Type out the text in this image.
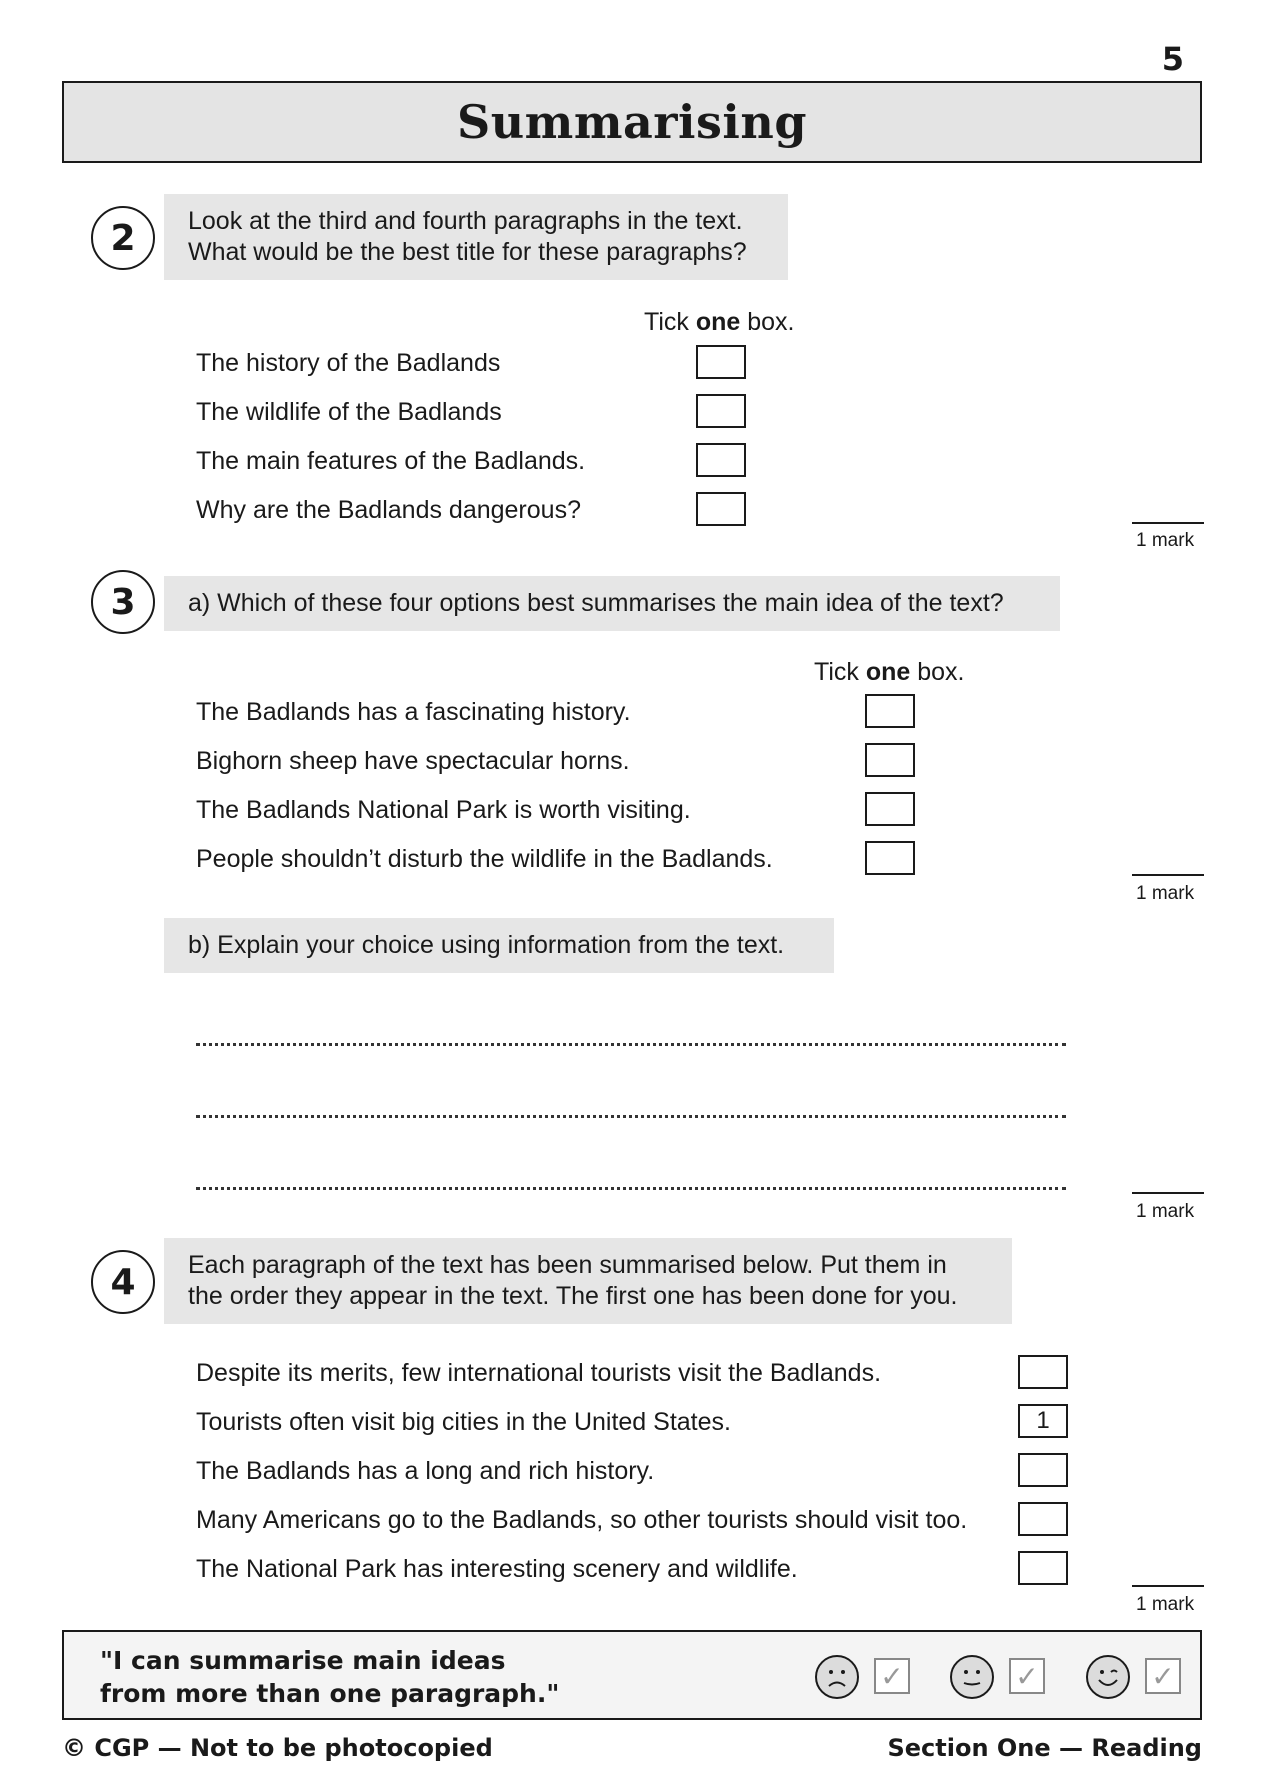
5
Summarising
2	Look at the third and fourth paragraphs in the text.
What would be the best title for these paragraphs?
Tick one box.
The history of the Badlands
The wildlife of the Badlands
The main features of the Badlands.
Why are the Badlands dangerous?
1 mark
3	a) Which of these four options best summarises the main idea of the text?
Tick one box.
The Badlands has a fascinating history.
Bighorn sheep have spectacular horns.
The Badlands National Park is worth visiting.
People shouldn’t disturb the wildlife in the Badlands.
1 mark
b) Explain your choice using information from the text.
1 mark
4	Each paragraph of the text has been summarised below. Put them in
the order they appear in the text. The first one has been done for you.
Despite its merits, few international tourists visit the Badlands.
Tourists often visit big cities in the United States.	1
The Badlands has a long and rich history.
Many Americans go to the Badlands, so other tourists should visit too.
The National Park has interesting scenery and wildlife.
1 mark
"I can summarise main ideas
from more than one paragraph."
✓	✓	✓
© CGP — Not to be photocopied	Section One — Reading
